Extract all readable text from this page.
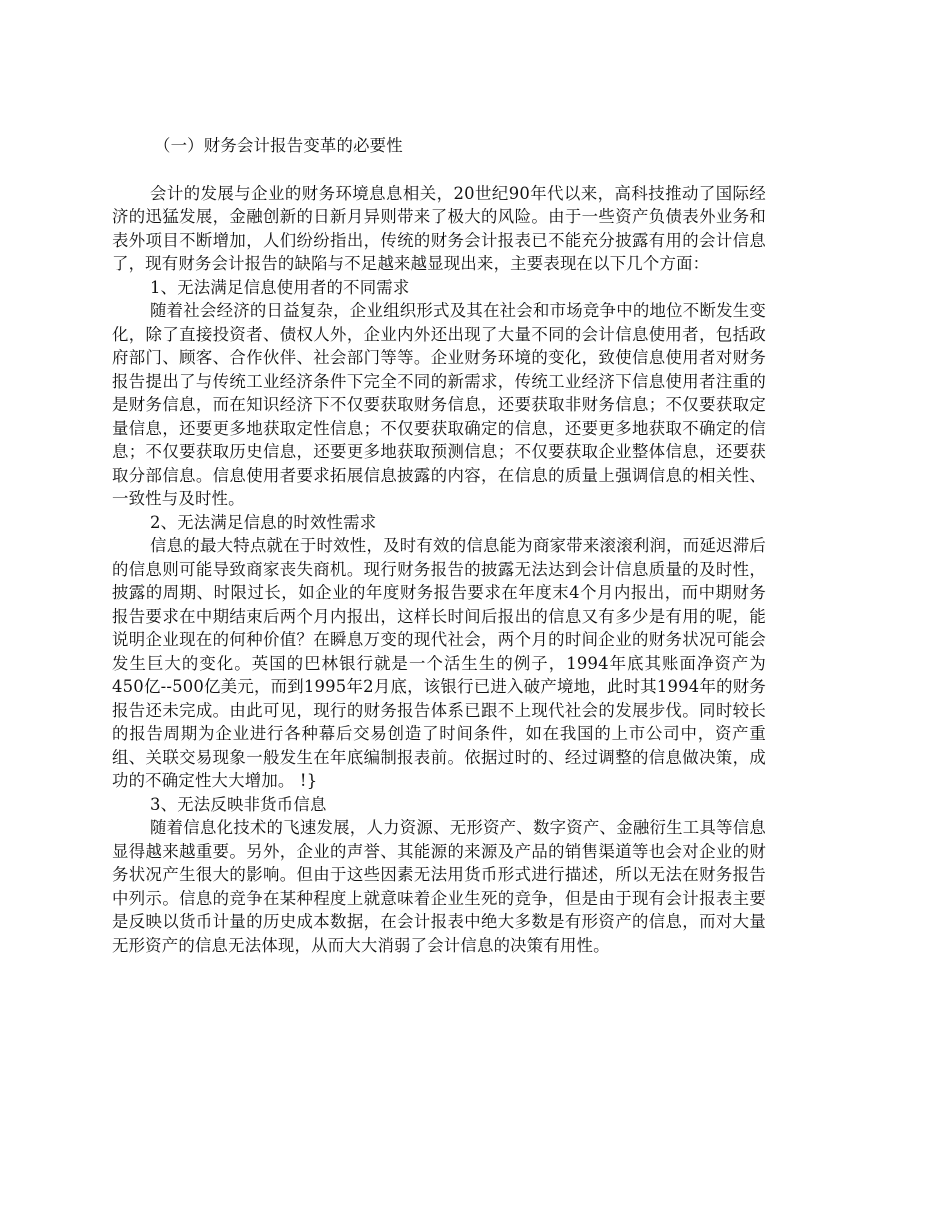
（一）财务会计报告变革的必要性

会计的发展与企业的财务环境息息相关，20世纪90年代以来，高科技推动了国际经济的迅猛发展，金融创新的日新月异则带来了极大的风险。由于一些资产负债表外业务和表外项目不断增加，人们纷纷指出，传统的财务会计报表已不能充分披露有用的会计信息了，现有财务会计报告的缺陷与不足越来越显现出来，主要表现在以下几个方面：

1、无法满足信息使用者的不同需求

随着社会经济的日益复杂，企业组织形式及其在社会和市场竞争中的地位不断发生变化，除了直接投资者、债权人外，企业内外还出现了大量不同的会计信息使用者，包括政府部门、顾客、合作伙伴、社会部门等等。企业财务环境的变化，致使信息使用者对财务报告提出了与传统工业经济条件下完全不同的新需求，传统工业经济下信息使用者注重的是财务信息，而在知识经济下不仅要获取财务信息，还要获取非财务信息；不仅要获取定量信息，还要更多地获取定性信息；不仅要获取确定的信息，还要更多地获取不确定的信息；不仅要获取历史信息，还要更多地获取预测信息；不仅要获取企业整体信息，还要获取分部信息。信息使用者要求拓展信息披露的内容，在信息的质量上强调信息的相关性、一致性与及时性。

2、无法满足信息的时效性需求

信息的最大特点就在于时效性，及时有效的信息能为商家带来滚滚利润，而延迟滞后的信息则可能导致商家丧失商机。现行财务报告的披露无法达到会计信息质量的及时性，披露的周期、时限过长，如企业的年度财务报告要求在年度末4个月内报出，而中期财务报告要求在中期结束后两个月内报出，这样长时间后报出的信息又有多少是有用的呢，能说明企业现在的何种价值？在瞬息万变的现代社会，两个月的时间企业的财务状况可能会发生巨大的变化。英国的巴林银行就是一个活生生的例子，1994年底其账面净资产为450亿--500亿美元，而到1995年2月底，该银行已进入破产境地，此时其1994年的财务报告还未完成。由此可见，现行的财务报告体系已跟不上现代社会的发展步伐。同时较长的报告周期为企业进行各种幕后交易创造了时间条件，如在我国的上市公司中，资产重组、关联交易现象一般发生在年底编制报表前。依据过时的、经过调整的信息做决策，成功的不确定性大大增加。 !}

3、无法反映非货币信息

随着信息化技术的飞速发展，人力资源、无形资产、数字资产、金融衍生工具等信息显得越来越重要。另外，企业的声誉、其能源的来源及产品的销售渠道等也会对企业的财务状况产生很大的影响。但由于这些因素无法用货币形式进行描述，所以无法在财务报告中列示。信息的竞争在某种程度上就意味着企业生死的竞争，但是由于现有会计报表主要是反映以货币计量的历史成本数据，在会计报表中绝大多数是有形资产的信息，而对大量无形资产的信息无法体现，从而大大消弱了会计信息的决策有用性。
